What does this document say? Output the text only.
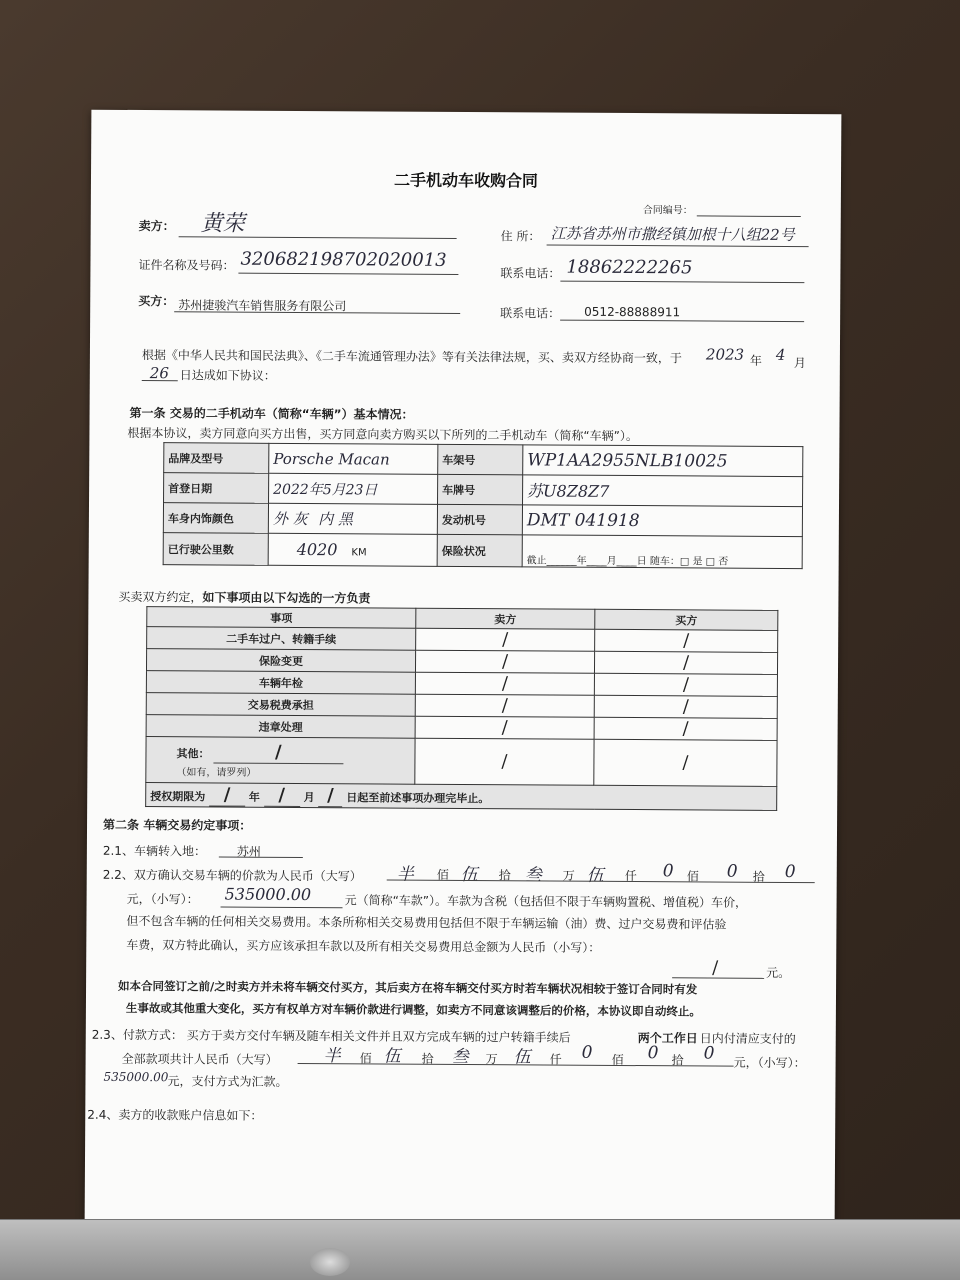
二手机动车收购合同
合同编号：
卖方： 黄荣	住 所： 江苏省苏州市撒经镇加根十八组22号
证件名称及号码： 320682198702020013
联系电话： 18862222265
买方： 苏州捷骏汽车销售服务有限公司
联系电话： 0512-88888911
根据《中华人民共和国民法典》、《二手车流通管理办法》等有关法律法规，买、卖双方经协商一致，于 2023 年 4 月
26 日达成如下协议：
第一条 交易的二手机动车（简称“车辆”）基本情况：
根据本协议，卖方同意向买方出售，买方同意向卖方购买以下所列的二手机动车（简称“车辆”）。
品牌及型号	Porsche Macan	车架号	WP1AA2955NLB10025
首登日期	2022年5月23日	车牌号	苏U8Z8Z7
车身内饰颜色	外 灰 内 黑	发动机号	DMT 041918
已行驶公里数	4020 KM	保险状况	截止______年____月____日 随车：□ 是 □ 否
买卖双方约定， 如下事项由以下勾选的一方负责
事项	卖方	买方
二手车过户、转籍手续	/	/
保险变更	/	/
车辆年检	/	/
交易税费承担	/	/
违章处理	/	/
其他： /
（如有，请罗列）	/	/
授权期限为 / 年 / 月 / 日起至前述事项办理完毕止。		
第二条 车辆交易约定事项：
2.1、车辆转入地：	苏州
2.2、双方确认交易车辆的价款为人民币（大写） 半 佰 伍 拾 叁 万 伍 仟 0 佰 0 拾 0
元，（小写）： 535000.00	元（简称“车款”）。车款为含税（包括但不限于车辆购置税、增值税）车价，
但不包含车辆的任何相关交易费用。本条所称相关交易费用包括但不限于车辆运输（油）费、过户交易费和评估验
车费，双方特此确认，买方应该承担车款以及所有相关交易费用总金额为人民币（小写）：
/	元。
如本合同签订之前/之时卖方并未将车辆交付买方，其后卖方在将车辆交付买方时若车辆状况相较于签订合同时有发
生事故或其他重大变化，买方有权单方对车辆价款进行调整，如卖方不同意该调整后的价格，本协议即自动终止。
2.3、付款方式： 买方于卖方交付车辆及随车相关文件并且双方完成车辆的过户转籍手续后	两个工作日 日内付清应支付的
全部款项共计人民币（大写）	半 佰 伍 拾 叁 万 伍 仟 0 佰 0 拾 0 元，（小写）：
535000.00
元，支付方式为汇款。
2.4、卖方的收款账户信息如下：
